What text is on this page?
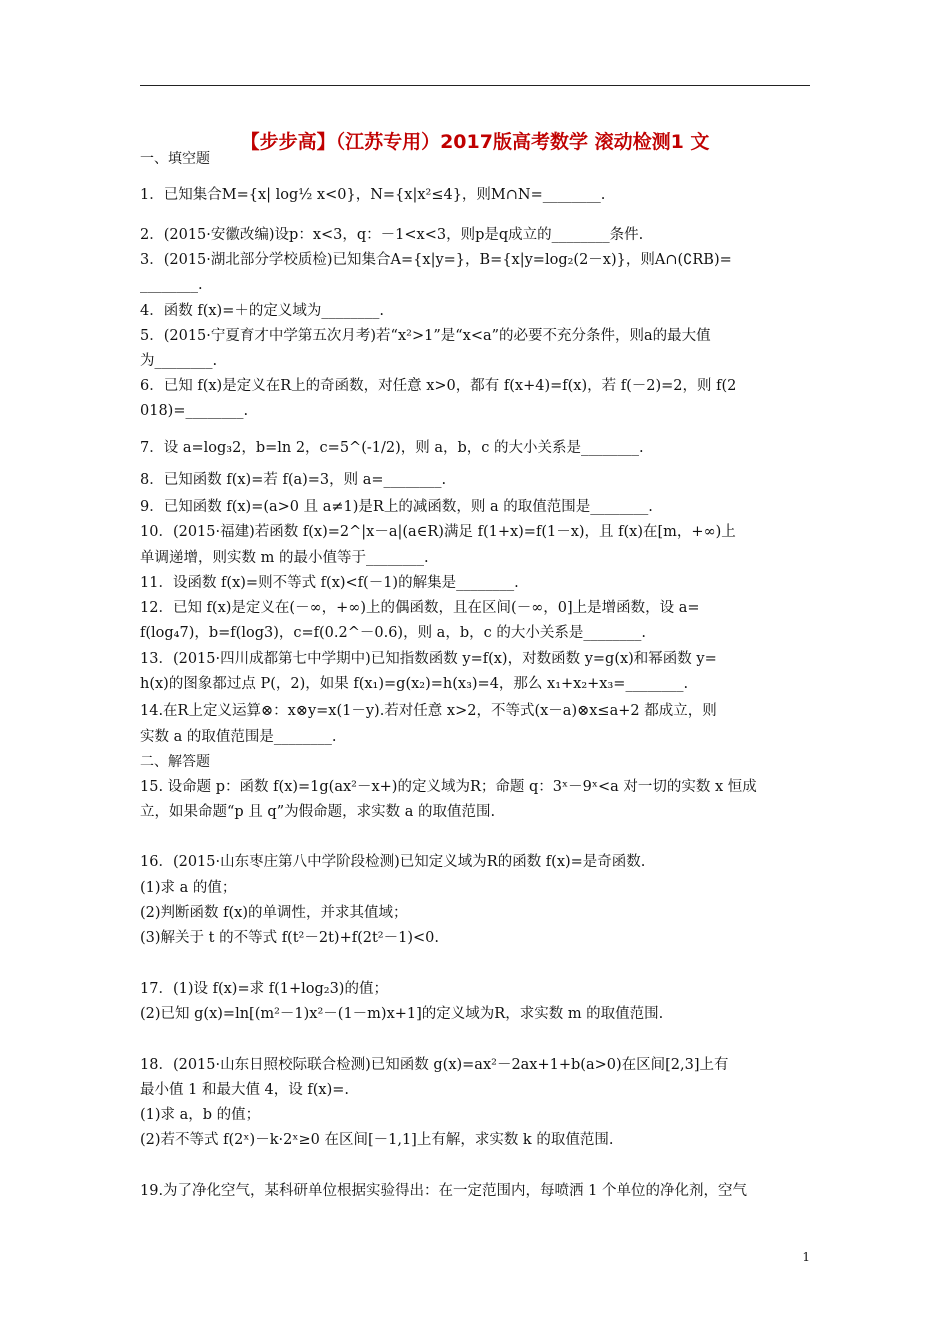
【步步高】（江苏专用）2017版高考数学 滚动检测1 文
一、填空题
1．已知集合M={x| log½ x<0}，N={x|x²≤4}，则M∩N=________.
2．(2015·安徽改编)设p：x<3，q：－1<x<3，则p是q成立的________条件.
3．(2015·湖北部分学校质检)已知集合A={x|y=}，B={x|y=log₂(2－x)}，则A∩(∁RB)=
________.
4．函数 f(x)=＋的定义域为________.
5．(2015·宁夏育才中学第五次月考)若“x²>1”是“x<a”的必要不充分条件，则a的最大值
为________.
6．已知 f(x)是定义在R上的奇函数，对任意 x>0，都有 f(x+4)=f(x)，若 f(－2)=2，则 f(2
018)=________.
7．设 a=log₃2，b=ln 2，c=5^(-1/2)，则 a，b，c 的大小关系是________.
8．已知函数 f(x)=若 f(a)=3，则 a=________.
9．已知函数 f(x)=(a>0 且 a≠1)是R上的减函数，则 a 的取值范围是________.
10．(2015·福建)若函数 f(x)=2^|x－a|(a∈R)满足 f(1+x)=f(1－x)，且 f(x)在[m，+∞)上
单调递增，则实数 m 的最小值等于________.
11．设函数 f(x)=则不等式 f(x)<f(－1)的解集是________.
12．已知 f(x)是定义在(－∞，+∞)上的偶函数，且在区间(－∞，0]上是增函数，设 a=
f(log₄7)，b=f(log3)，c=f(0.2^－0.6)，则 a，b，c 的大小关系是________.
13．(2015·四川成都第七中学期中)已知指数函数 y=f(x)，对数函数 y=g(x)和幂函数 y=
h(x)的图象都过点 P(，2)，如果 f(x₁)=g(x₂)=h(x₃)=4，那么 x₁+x₂+x₃=________.
14.在R上定义运算⊗：x⊗y=x(1－y).若对任意 x>2，不等式(x－a)⊗x≤a+2 都成立，则
实数 a 的取值范围是________.
二、解答题
15. 设命题 p：函数 f(x)=1g(ax²－x+)的定义域为R；命题 q：3ˣ－9ˣ<a 对一切的实数 x 恒成
立，如果命题“p 且 q”为假命题，求实数 a 的取值范围.
16．(2015·山东枣庄第八中学阶段检测)已知定义域为R的函数 f(x)=是奇函数.
(1)求 a 的值；
(2)判断函数 f(x)的单调性，并求其值域；
(3)解关于 t 的不等式 f(t²－2t)+f(2t²－1)<0.
17．(1)设 f(x)=求 f(1+log₂3)的值；
(2)已知 g(x)=ln[(m²－1)x²－(1－m)x+1]的定义域为R，求实数 m 的取值范围.
18．(2015·山东日照校际联合检测)已知函数 g(x)=ax²－2ax+1+b(a>0)在区间[2,3]上有
最小值 1 和最大值 4，设 f(x)=.
(1)求 a，b 的值；
(2)若不等式 f(2ˣ)－k·2ˣ≥0 在区间[－1,1]上有解，求实数 k 的取值范围.
19.为了净化空气，某科研单位根据实验得出：在一定范围内，每喷洒 1 个单位的净化剂，空气
1
